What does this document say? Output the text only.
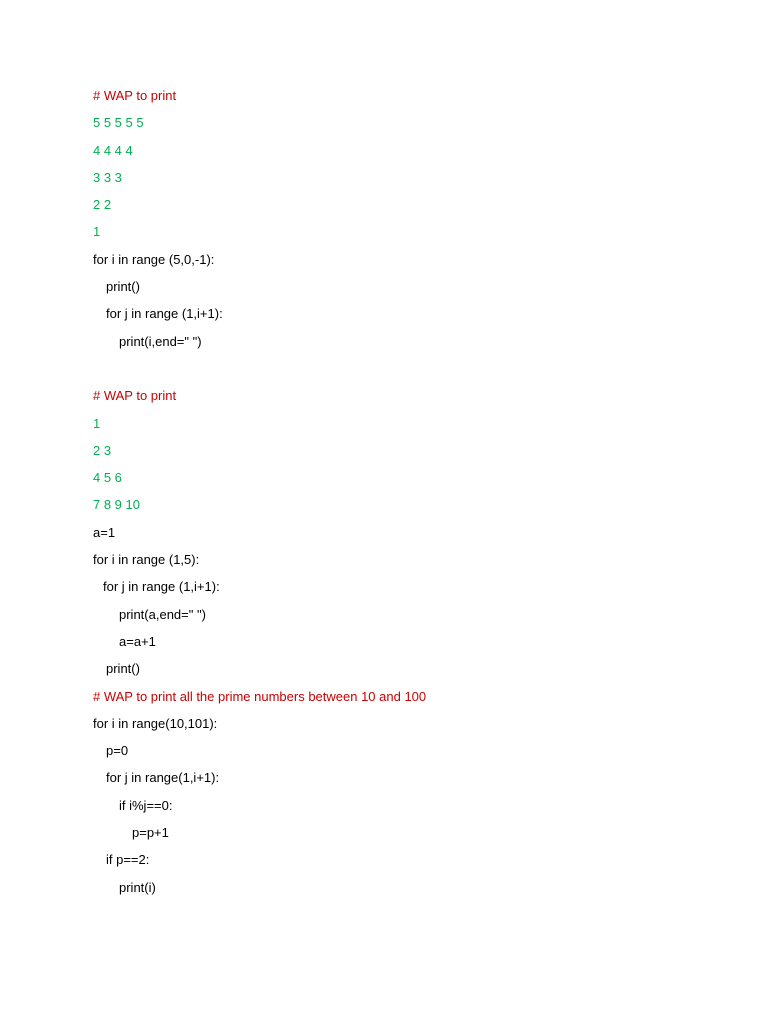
# WAP to print
5 5 5 5 5
4 4 4 4
3 3 3
2 2
1
for i in range (5,0,-1):
print()
for j in range (1,i+1):
print(i,end=" ")
# WAP to print
1
2 3
4 5 6
7 8 9 10
a=1
for i in range (1,5):
for j in range (1,i+1):
print(a,end=" ")
a=a+1
print()
# WAP to print all the prime numbers between 10 and 100
for i in range(10,101):
p=0
for j in range(1,i+1):
if i%j==0:
p=p+1
if p==2:
print(i)
